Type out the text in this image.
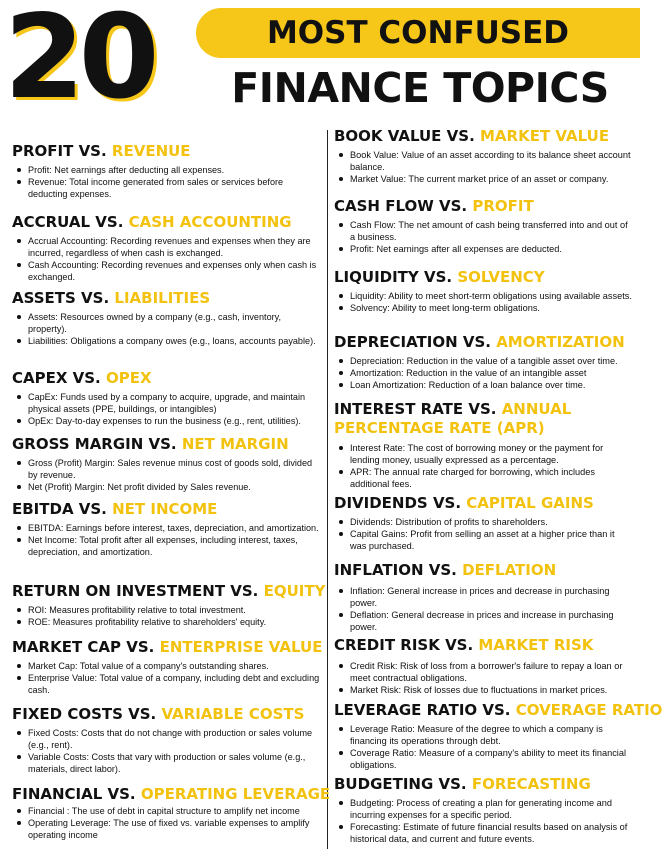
20	MOST CONFUSED
FINANCE TOPICS
PROFIT VS. REVENUE
Profit: Net earnings after deducting all expenses.
Revenue: Total income generated from sales or services before deducting expenses.
ACCRUAL VS. CASH ACCOUNTING
Accrual Accounting: Recording revenues and expenses when they are incurred, regardless of when cash is exchanged.
Cash Accounting: Recording revenues and expenses only when cash is exchanged.
ASSETS VS. LIABILITIES
Assets: Resources owned by a company (e.g., cash, inventory, property).
Liabilities: Obligations a company owes (e.g., loans, accounts payable).
CAPEX VS. OPEX
CapEx: Funds used by a company to acquire, upgrade, and maintain physical assets (PPE, buildings, or intangibles)
OpEx: Day-to-day expenses to run the business (e.g., rent, utilities).
GROSS MARGIN VS. NET MARGIN
Gross (Profit) Margin: Sales revenue minus cost of goods sold, divided by revenue.
Net (Profit) Margin: Net profit divided by Sales revenue.
EBITDA VS. NET INCOME
EBITDA: Earnings before interest, taxes, depreciation, and amortization.
Net Income: Total profit after all expenses, including interest, taxes, depreciation, and amortization.
RETURN ON INVESTMENT VS. EQUITY
ROI: Measures profitability relative to total investment.
ROE: Measures profitability relative to shareholders' equity.
MARKET CAP VS. ENTERPRISE VALUE
Market Cap: Total value of a company's outstanding shares.
Enterprise Value: Total value of a company, including debt and excluding cash.
FIXED COSTS VS. VARIABLE COSTS
Fixed Costs: Costs that do not change with production or sales volume (e.g., rent).
Variable Costs: Costs that vary with production or sales volume (e.g., materials, direct labor).
FINANCIAL VS. OPERATING LEVERAGE
Financial : The use of debt in capital structure to amplify net income
Operating Leverage: The use of fixed vs. variable expenses to amplify operating income
BOOK VALUE VS. MARKET VALUE
Book Value: Value of an asset according to its balance sheet account balance.
Market Value: The current market price of an asset or company.
CASH FLOW VS. PROFIT
Cash Flow: The net amount of cash being transferred into and out of a business.
Profit: Net earnings after all expenses are deducted.
LIQUIDITY VS. SOLVENCY
Liquidity: Ability to meet short-term obligations using available assets.
Solvency: Ability to meet long-term obligations.
DEPRECIATION VS. AMORTIZATION
Depreciation: Reduction in the value of a tangible asset over time.
Amortization: Reduction in the value of an intangible asset
Loan Amortization: Reduction of a loan balance over time.
INTEREST RATE VS. ANNUAL
PERCENTAGE RATE (APR)
Interest Rate: The cost of borrowing money or the payment for lending money, usually expressed as a percentage.
APR: The annual rate charged for borrowing, which includes additional fees.
DIVIDENDS VS. CAPITAL GAINS
Dividends: Distribution of profits to shareholders.
Capital Gains: Profit from selling an asset at a higher price than it was purchased.
INFLATION VS. DEFLATION
Inflation: General increase in prices and decrease in purchasing power.
Deflation: General decrease in prices and increase in purchasing power.
CREDIT RISK VS. MARKET RISK
Credit Risk: Risk of loss from a borrower's failure to repay a loan or meet contractual obligations.
Market Risk: Risk of losses due to fluctuations in market prices.
LEVERAGE RATIO VS. COVERAGE RATIO
Leverage Ratio: Measure of the degree to which a company is financing its operations through debt.
Coverage Ratio: Measure of a company's ability to meet its financial obligations.
BUDGETING VS. FORECASTING
Budgeting: Process of creating a plan for generating income and incurring expenses for a specific period.
Forecasting: Estimate of future financial results based on analysis of historical data, and current and future events.
